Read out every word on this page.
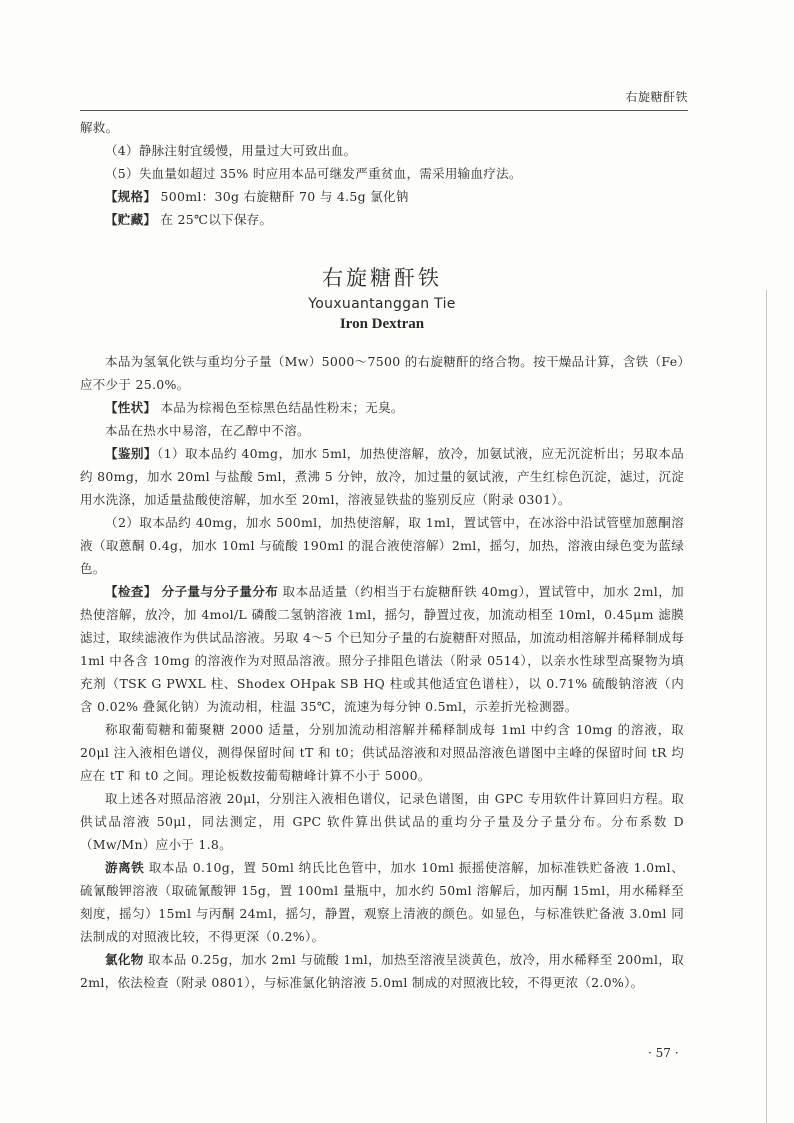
右旋糖酐铁

解救。

（4）静脉注射宜缓慢，用量过大可致出血。

（5）失血量如超过 35% 时应用本品可继发严重贫血，需采用输血疗法。

【规格】 500ml：30g 右旋糖酐 70 与 4.5g 氯化钠

【贮藏】 在 25℃以下保存。

右旋糖酐铁
Youxuantanggan Tie
Iron Dextran

本品为氢氧化铁与重均分子量（Mw）5000～7500 的右旋糖酐的络合物。按干燥品计算，含铁（Fe）应不少于 25.0%。

【性状】 本品为棕褐色至棕黑色结晶性粉末；无臭。

本品在热水中易溶，在乙醇中不溶。

【鉴别】（1）取本品约 40mg，加水 5ml，加热使溶解，放冷，加氨试液，应无沉淀析出；另取本品约 80mg，加水 20ml 与盐酸 5ml，煮沸 5 分钟，放冷，加过量的氨试液，产生红棕色沉淀，滤过，沉淀用水洗涤，加适量盐酸使溶解，加水至 20ml，溶液显铁盐的鉴别反应（附录 0301）。

（2）取本品约 40mg，加水 500ml，加热使溶解，取 1ml，置试管中，在冰浴中沿试管壁加蒽酮溶液（取蒽酮 0.4g，加水 10ml 与硫酸 190ml 的混合液使溶解）2ml，摇匀，加热，溶液由绿色变为蓝绿色。

【检查】 分子量与分子量分布 取本品适量（约相当于右旋糖酐铁 40mg），置试管中，加水 2ml，加热使溶解，放冷，加 4mol/L 磷酸二氢钠溶液 1ml，摇匀，静置过夜，加流动相至 10ml，0.45μm 滤膜滤过，取续滤液作为供试品溶液。另取 4～5 个已知分子量的右旋糖酐对照品，加流动相溶解并稀释制成每 1ml 中各含 10mg 的溶液作为对照品溶液。照分子排阻色谱法（附录 0514），以亲水性球型高聚物为填充剂（TSK G PWXL 柱、Shodex OHpak SB HQ 柱或其他适宜色谱柱），以 0.71% 硫酸钠溶液（内含 0.02% 叠氮化钠）为流动相，柱温 35℃，流速为每分钟 0.5ml，示差折光检测器。

称取葡萄糖和葡聚糖 2000 适量，分别加流动相溶解并稀释制成每 1ml 中约含 10mg 的溶液，取 20μl 注入液相色谱仪，测得保留时间 tT 和 t0；供试品溶液和对照品溶液色谱图中主峰的保留时间 tR 均应在 tT 和 t0 之间。理论板数按葡萄糖峰计算不小于 5000。

取上述各对照品溶液 20μl，分别注入液相色谱仪，记录色谱图，由 GPC 专用软件计算回归方程。取供试品溶液 50μl，同法测定，用 GPC 软件算出供试品的重均分子量及分子量分布。分布系数 D（Mw/Mn）应小于 1.8。

游离铁 取本品 0.10g，置 50ml 纳氏比色管中，加水 10ml 振摇使溶解，加标准铁贮备液 1.0ml、硫氰酸钾溶液（取硫氰酸钾 15g，置 100ml 量瓶中，加水约 50ml 溶解后，加丙酮 15ml，用水稀释至刻度，摇匀）15ml 与丙酮 24ml，摇匀，静置，观察上清液的颜色。如显色，与标准铁贮备液 3.0ml 同法制成的对照液比较，不得更深（0.2%）。

氯化物 取本品 0.25g，加水 2ml 与硫酸 1ml，加热至溶液呈淡黄色，放冷，用水稀释至 200ml，取 2ml，依法检查（附录 0801），与标准氯化钠溶液 5.0ml 制成的对照液比较，不得更浓（2.0%）。

· 57 ·
